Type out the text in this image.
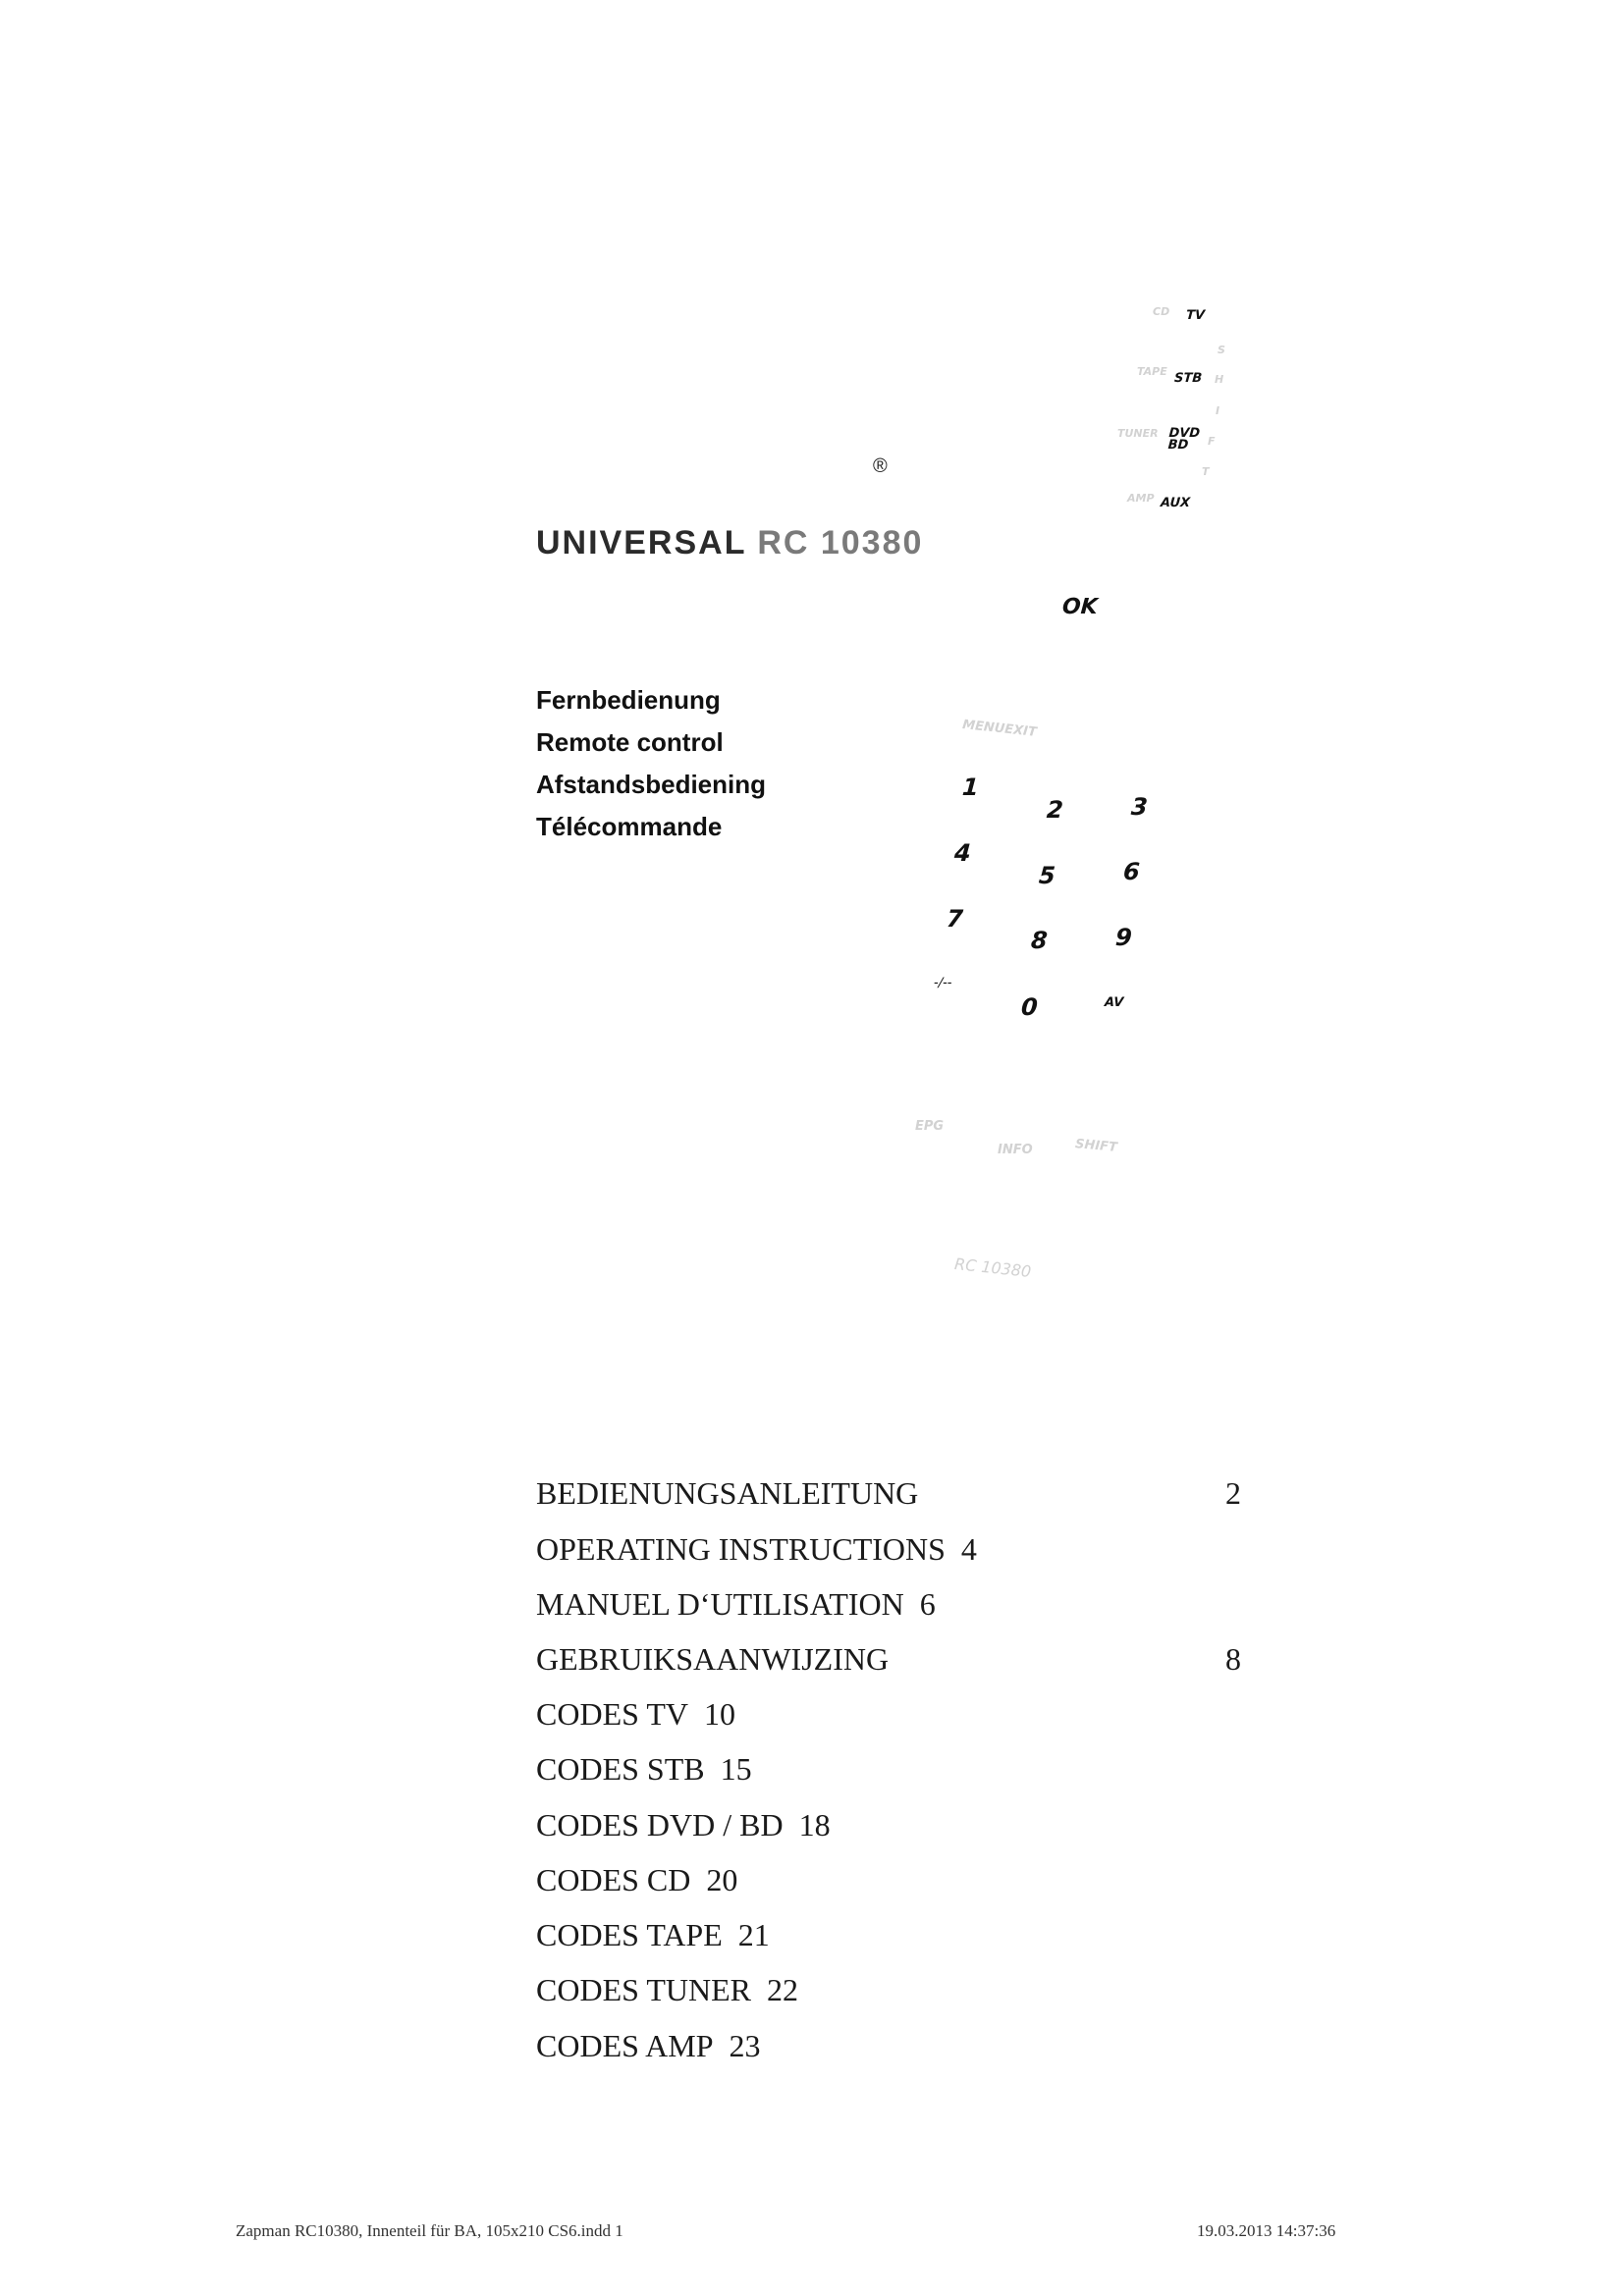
®
UNIVERSAL RC 10380
Fernbedienung
Remote control
Afstandsbediening
Télécommande
CD TV
TAPE STB
TUNER DVD BD
AMP AUX
S
H
I
F
T
OK
MENUEXIT
1
2	3
4
5	6
7
8	9
0
-/--
AV
EPG
INFO	SHIFT
RC 10380
BEDIENUNGSANLEITUNG	2
OPERATING INSTRUCTIONS 4
MANUEL D‘UTILISATION 6
GEBRUIKSAANWIJZING	8
CODES TV 10
CODES STB 15
CODES DVD / BD 18
CODES CD 20
CODES TAPE 21
CODES TUNER 22
CODES AMP 23
Zapman RC10380, Innenteil für BA, 105x210 CS6.indd 1	19.03.2013 14:37:36
